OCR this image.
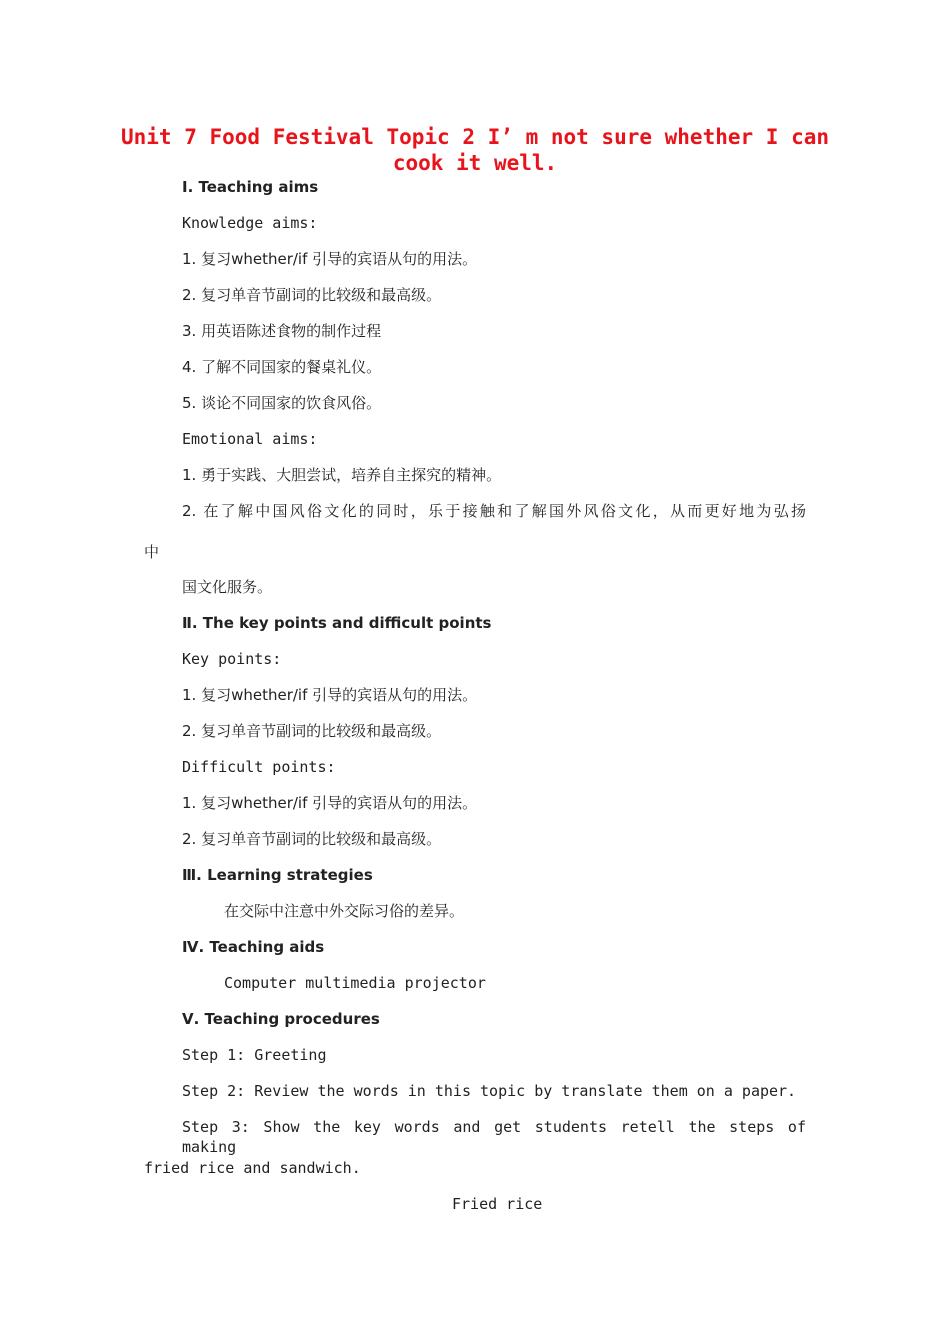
Unit 7 Food Festival Topic 2 I’ m not sure whether I can
cook it well.
Ⅰ. Teaching aims
Knowledge aims:
1. 复习whether/if 引导的宾语从句的用法。
2. 复习单音节副词的比较级和最高级。
3. 用英语陈述食物的制作过程
4. 了解不同国家的餐桌礼仪。
5. 谈论不同国家的饮食风俗。
Emotional aims:
1. 勇于实践、大胆尝试，培养自主探究的精神。
2. 在了解中国风俗文化的同时，乐于接触和了解国外风俗文化，从而更好地为弘扬
中
国文化服务。
Ⅱ. The key points and difficult points
Key points:
1. 复习whether/if 引导的宾语从句的用法。
2. 复习单音节副词的比较级和最高级。
Difficult points:
1. 复习whether/if 引导的宾语从句的用法。
2. 复习单音节副词的比较级和最高级。
Ⅲ. Learning strategies
在交际中注意中外交际习俗的差异。
Ⅳ. Teaching aids
Computer multimedia projector
Ⅴ. Teaching procedures
Step 1: Greeting
Step 2: Review the words in this topic by translate them on a paper.
Step 3: Show the key words and get students retell the steps of making
fried rice and sandwich.
Fried rice
